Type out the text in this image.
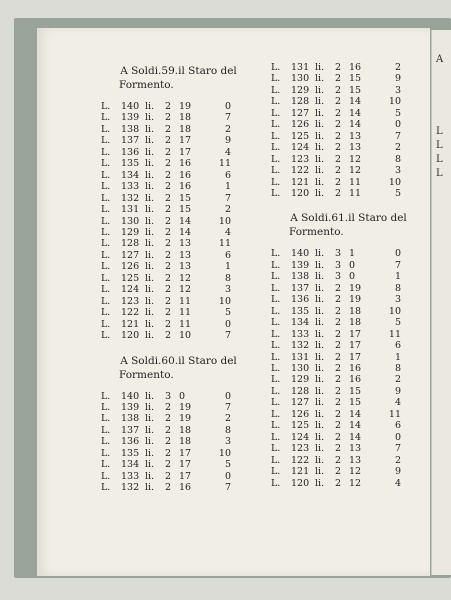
A
L
L
L
L
A Soldi.59.il Staro del
Formento.
L.	140 li.	2 19	0
L.	139 li.	2 18	7
L.	138 li.	2 18	2
L.	137 li.	2 17	9
L.	136 li.	2 17	4
L.	135 li.	2 16	11
L.	134 li.	2 16	6
L.	133 li.	2 16	1
L.	132 li.	2 15	7
L.	131 li.	2 15	2
L.	130 li.	2 14	10
L.	129 li.	2 14	4
L.	128 li.	2 13	11
L.	127 li.	2 13	6
L.	126 li.	2 13	1
L.	125 li.	2 12	8
L.	124 li.	2 12	3
L.	123 li.	2 11	10
L.	122 li.	2 11	5
L.	121 li.	2 11	0
L.	120 li.	2 10	7
A Soldi.60.il Staro del
Formento.
L.	140 li.	3 0	0
L.	139 li.	2 19	7
L.	138 li.	2 19	2
L.	137 li.	2 18	8
L.	136 li.	2 18	3
L.	135 li.	2 17	10
L.	134 li.	2 17	5
L.	133 li.	2 17	0
L.	132 li.	2 16	7
L.	131 li.	2 16	2
L.	130 li.	2 15	9
L.	129 li.	2 15	3
L.	128 li.	2 14	10
L.	127 li.	2 14	5
L.	126 li.	2 14	0
L.	125 li.	2 13	7
L.	124 li.	2 13	2
L.	123 li.	2 12	8
L.	122 li.	2 12	3
L.	121 li.	2 11	10
L.	120 li.	2 11	5
A Soldi.61.il Staro del
Formento.
L.	140 li.	3 1	0
L.	139 li.	3 0	7
L.	138 li.	3 0	1
L.	137 li.	2 19	8
L.	136 li.	2 19	3
L.	135 li.	2 18	10
L.	134 li.	2 18	5
L.	133 li.	2 17	11
L.	132 li.	2 17	6
L.	131 li.	2 17	1
L.	130 li.	2 16	8
L.	129 li.	2 16	2
L.	128 li.	2 15	9
L.	127 li.	2 15	4
L.	126 li.	2 14	11
L.	125 li.	2 14	6
L.	124 li.	2 14	0
L.	123 li.	2 13	7
L.	122 li.	2 13	2
L.	121 li.	2 12	9
L.	120 li.	2 12	4
